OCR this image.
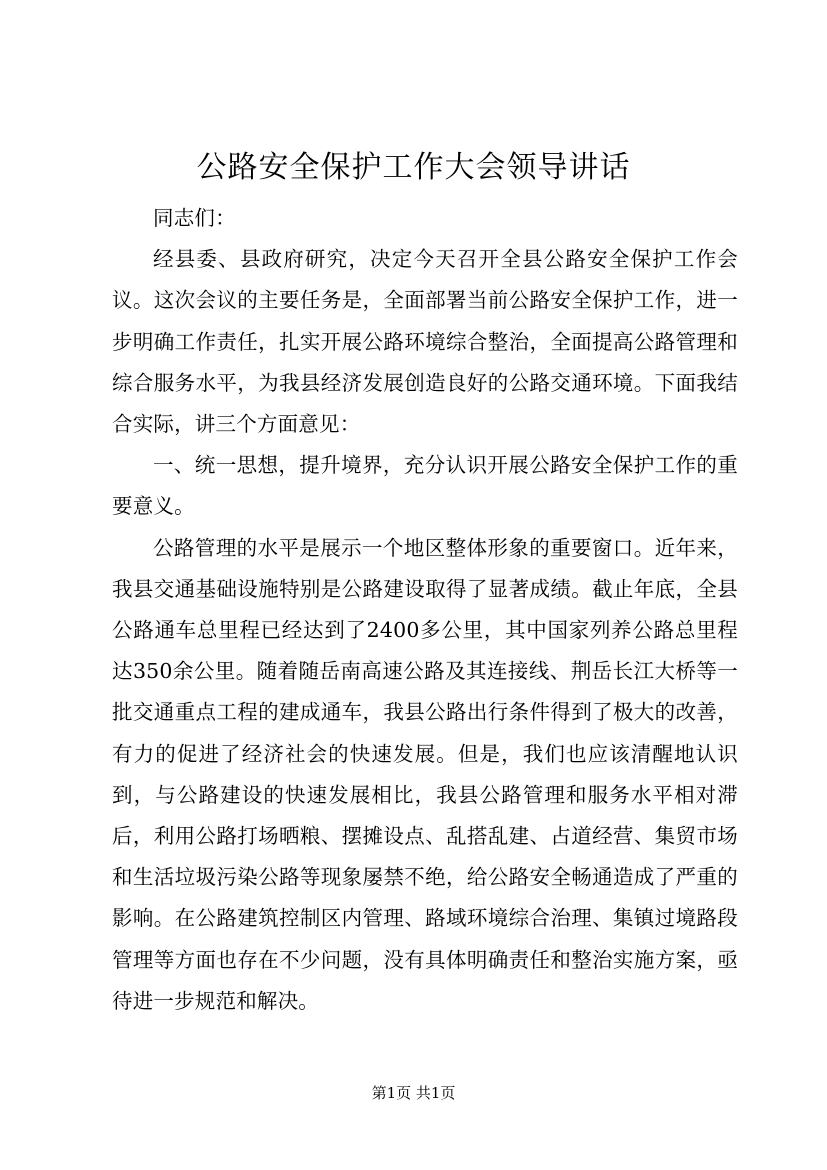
公路安全保护工作大会领导讲话

同志们：

经县委、县政府研究，决定今天召开全县公路安全保护工作会议。这次会议的主要任务是，全面部署当前公路安全保护工作，进一步明确工作责任，扎实开展公路环境综合整治，全面提高公路管理和综合服务水平，为我县经济发展创造良好的公路交通环境。下面我结合实际，讲三个方面意见：

一、统一思想，提升境界，充分认识开展公路安全保护工作的重要意义。

公路管理的水平是展示一个地区整体形象的重要窗口。近年来，我县交通基础设施特别是公路建设取得了显著成绩。截止年底，全县公路通车总里程已经达到了2400多公里，其中国家列养公路总里程达350余公里。随着随岳南高速公路及其连接线、荆岳长江大桥等一批交通重点工程的建成通车，我县公路出行条件得到了极大的改善，有力的促进了经济社会的快速发展。但是，我们也应该清醒地认识到，与公路建设的快速发展相比，我县公路管理和服务水平相对滞后，利用公路打场晒粮、摆摊设点、乱搭乱建、占道经营、集贸市场和生活垃圾污染公路等现象屡禁不绝，给公路安全畅通造成了严重的影响。在公路建筑控制区内管理、路域环境综合治理、集镇过境路段管理等方面也存在不少问题，没有具体明确责任和整治实施方案，亟待进一步规范和解决。

第1页 共1页
